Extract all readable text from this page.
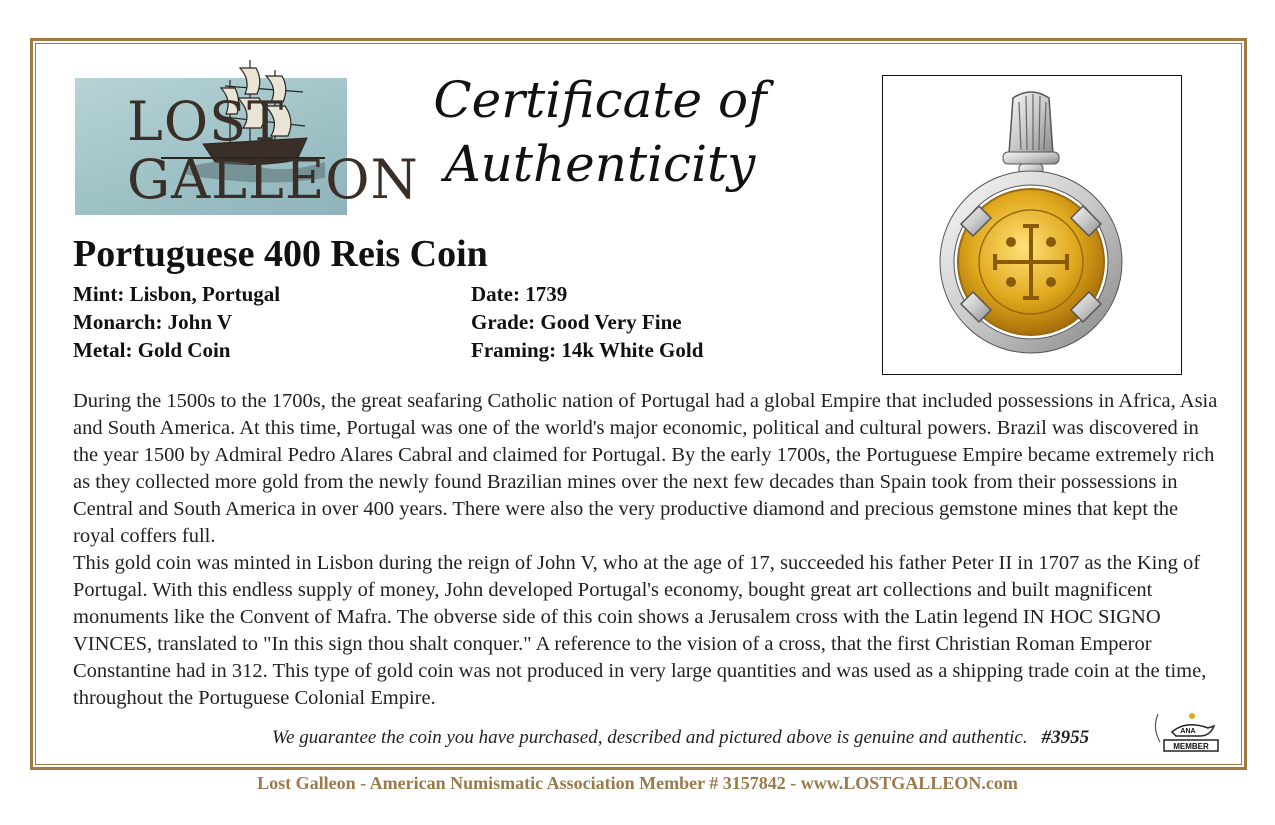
LOST
GALLEON
Certificate of
Authenticity
Portuguese 400 Reis Coin
Mint: Lisbon, Portugal
Monarch: John V
Metal: Gold Coin
Date: 1739
Grade: Good Very Fine
Framing: 14k White Gold

During the 1500s to the 1700s, the great seafaring Catholic nation of Portugal had a global Empire that included possessions in Africa, Asia and South America. At this time, Portugal was one of the world's major economic, political and cultural powers. Brazil was discovered in the year 1500 by Admiral Pedro Alares Cabral and claimed for Portugal. By the early 1700s, the Portuguese Empire became extremely rich as they collected more gold from the newly found Brazilian mines over the next few decades than Spain took from their possessions in Central and South America in over 400 years. There were also the very productive diamond and precious gemstone mines that kept the royal coffers full.

This gold coin was minted in Lisbon during the reign of John V, who at the age of 17, succeeded his father Peter II in 1707 as the King of Portugal. With this endless supply of money, John developed Portugal's economy, bought great art collections and built magnificent monuments like the Convent of Mafra. The obverse side of this coin shows a Jerusalem cross with the Latin legend IN HOC SIGNO VINCES, translated to "In this sign thou shalt conquer." A reference to the vision of a cross, that the first Christian Roman Emperor Constantine had in 312. This type of gold coin was not produced in very large quantities and was used as a shipping trade coin at the time, throughout the Portuguese Colonial Empire.

We guarantee the coin you have purchased, described and pictured above is genuine and authentic. #3955	ANA
MEMBER
Lost Galleon - American Numismatic Association Member # 3157842 - www.LOSTGALLEON.com
